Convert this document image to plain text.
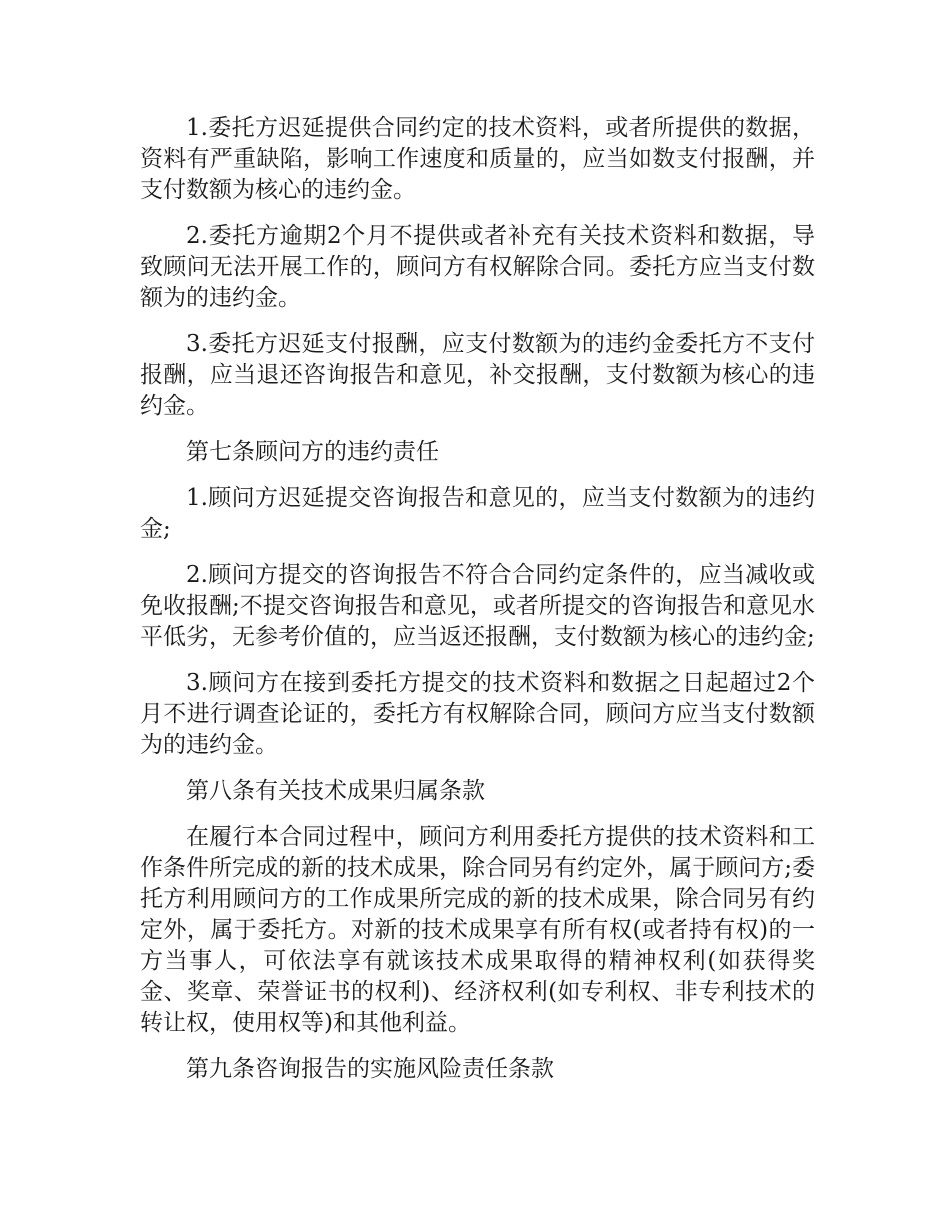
1.委托方迟延提供合同约定的技术资料，或者所提供的数据，资料有严重缺陷，影响工作速度和质量的，应当如数支付报酬，并支付数额为核心的违约金。

2.委托方逾期2个月不提供或者补充有关技术资料和数据，导致顾问无法开展工作的，顾问方有权解除合同。委托方应当支付数额为的违约金。

3.委托方迟延支付报酬，应支付数额为的违约金委托方不支付报酬，应当退还咨询报告和意见，补交报酬，支付数额为核心的违约金。

第七条顾问方的违约责任

1.顾问方迟延提交咨询报告和意见的，应当支付数额为的违约金;

2.顾问方提交的咨询报告不符合合同约定条件的，应当减收或免收报酬;不提交咨询报告和意见，或者所提交的咨询报告和意见水平低劣，无参考价值的，应当返还报酬，支付数额为核心的违约金;

3.顾问方在接到委托方提交的技术资料和数据之日起超过2个月不进行调查论证的，委托方有权解除合同，顾问方应当支付数额为的违约金。

第八条有关技术成果归属条款

在履行本合同过程中，顾问方利用委托方提供的技术资料和工作条件所完成的新的技术成果，除合同另有约定外，属于顾问方;委托方利用顾问方的工作成果所完成的新的技术成果，除合同另有约定外，属于委托方。对新的技术成果享有所有权(或者持有权)的一方当事人，可依法享有就该技术成果取得的精神权利(如获得奖金、奖章、荣誉证书的权利)、经济权利(如专利权、非专利技术的转让权，使用权等)和其他利益。

第九条咨询报告的实施风险责任条款
